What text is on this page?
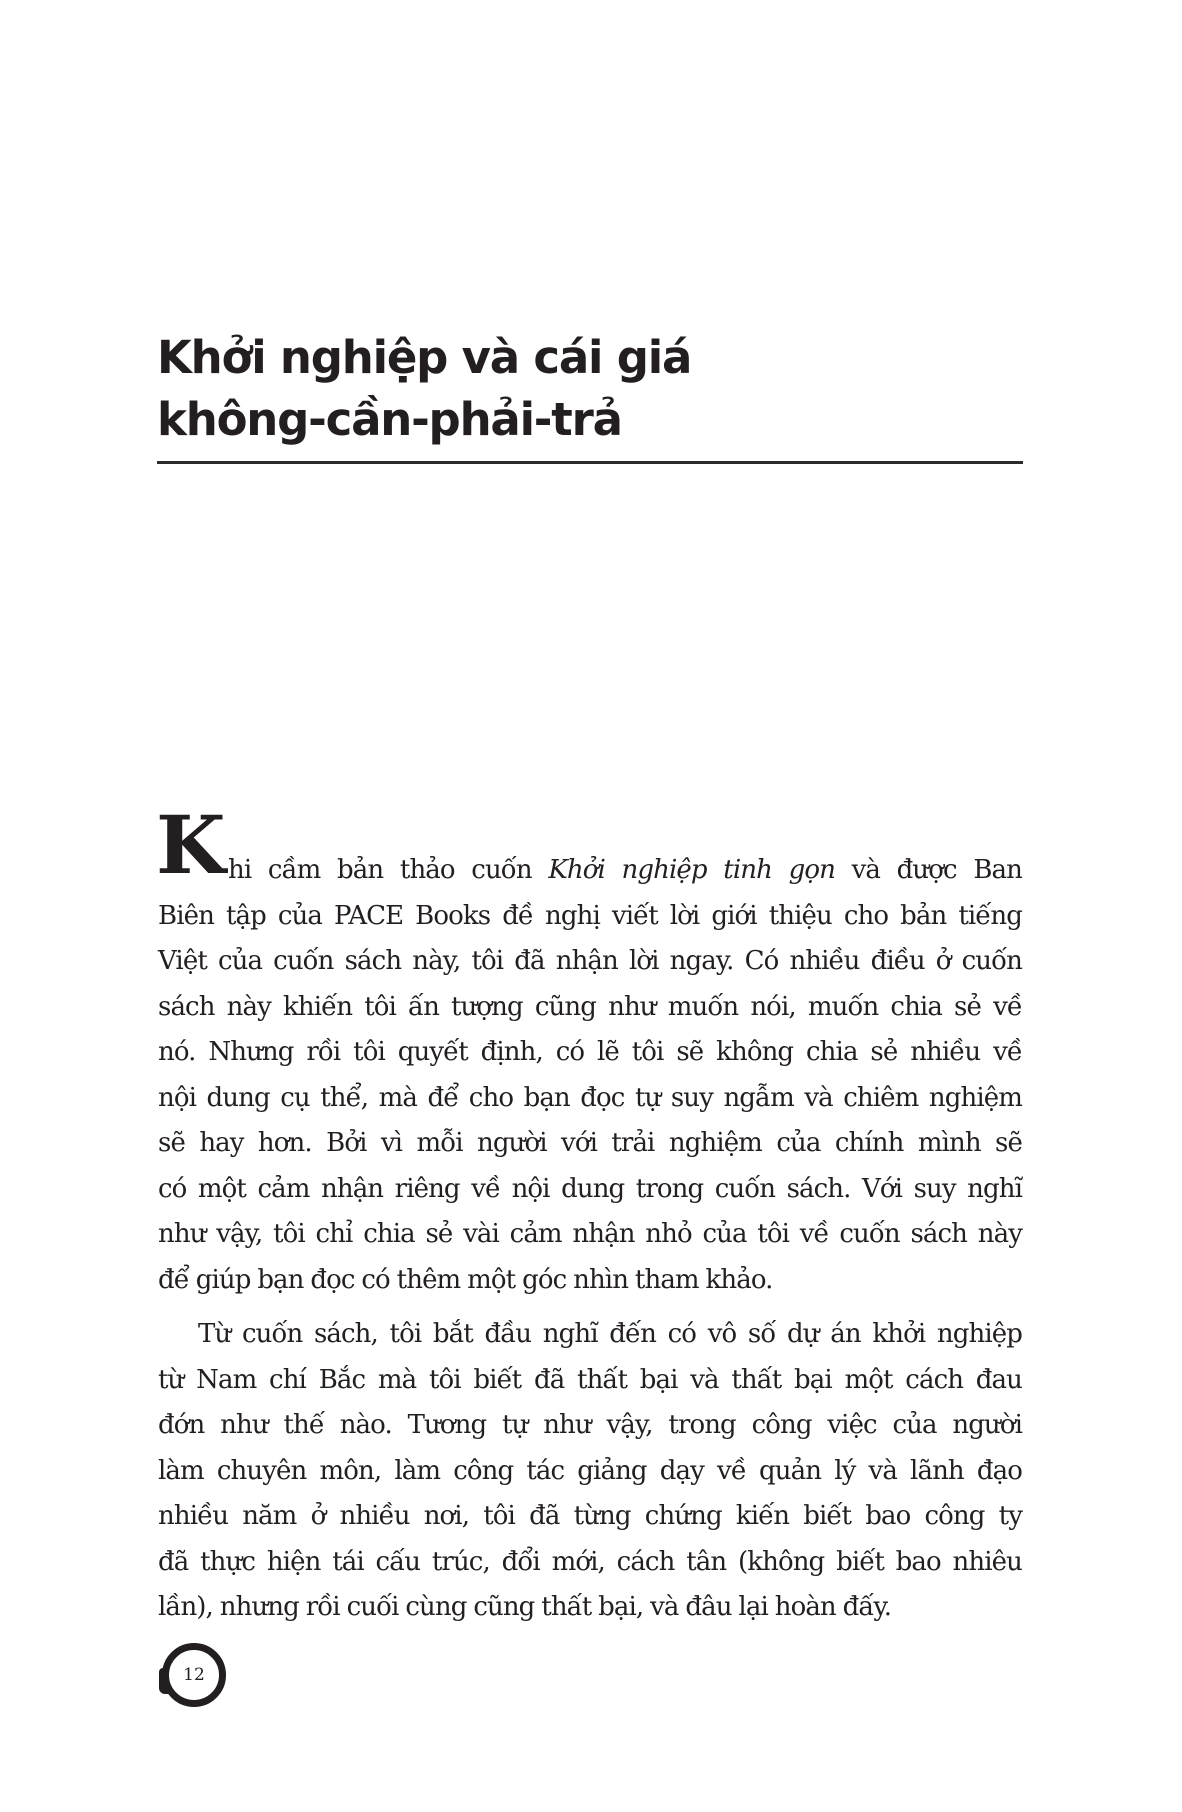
Khởi nghiệp và cái giá
không-cần-phải-trả
K hi cầm bản thảo cuốn Khởi nghiệp tinh gọn và được Ban
Biên tập của PACE Books đề nghị viết lời giới thiệu cho bản tiếng
Việt của cuốn sách này, tôi đã nhận lời ngay. Có nhiều điều ở cuốn
sách này khiến tôi ấn tượng cũng như muốn nói, muốn chia sẻ về
nó. Nhưng rồi tôi quyết định, có lẽ tôi sẽ không chia sẻ nhiều về
nội dung cụ thể, mà để cho bạn đọc tự suy ngẫm và chiêm nghiệm
sẽ hay hơn. Bởi vì mỗi người với trải nghiệm của chính mình sẽ
có một cảm nhận riêng về nội dung trong cuốn sách. Với suy nghĩ
như vậy, tôi chỉ chia sẻ vài cảm nhận nhỏ của tôi về cuốn sách này
để giúp bạn đọc có thêm một góc nhìn tham khảo.
Từ cuốn sách, tôi bắt đầu nghĩ đến có vô số dự án khởi nghiệp
từ Nam chí Bắc mà tôi biết đã thất bại và thất bại một cách đau
đớn như thế nào. Tương tự như vậy, trong công việc của người
làm chuyên môn, làm công tác giảng dạy về quản lý và lãnh đạo
nhiều năm ở nhiều nơi, tôi đã từng chứng kiến biết bao công ty
đã thực hiện tái cấu trúc, đổi mới, cách tân (không biết bao nhiêu
lần), nhưng rồi cuối cùng cũng thất bại, và đâu lại hoàn đấy.
12
